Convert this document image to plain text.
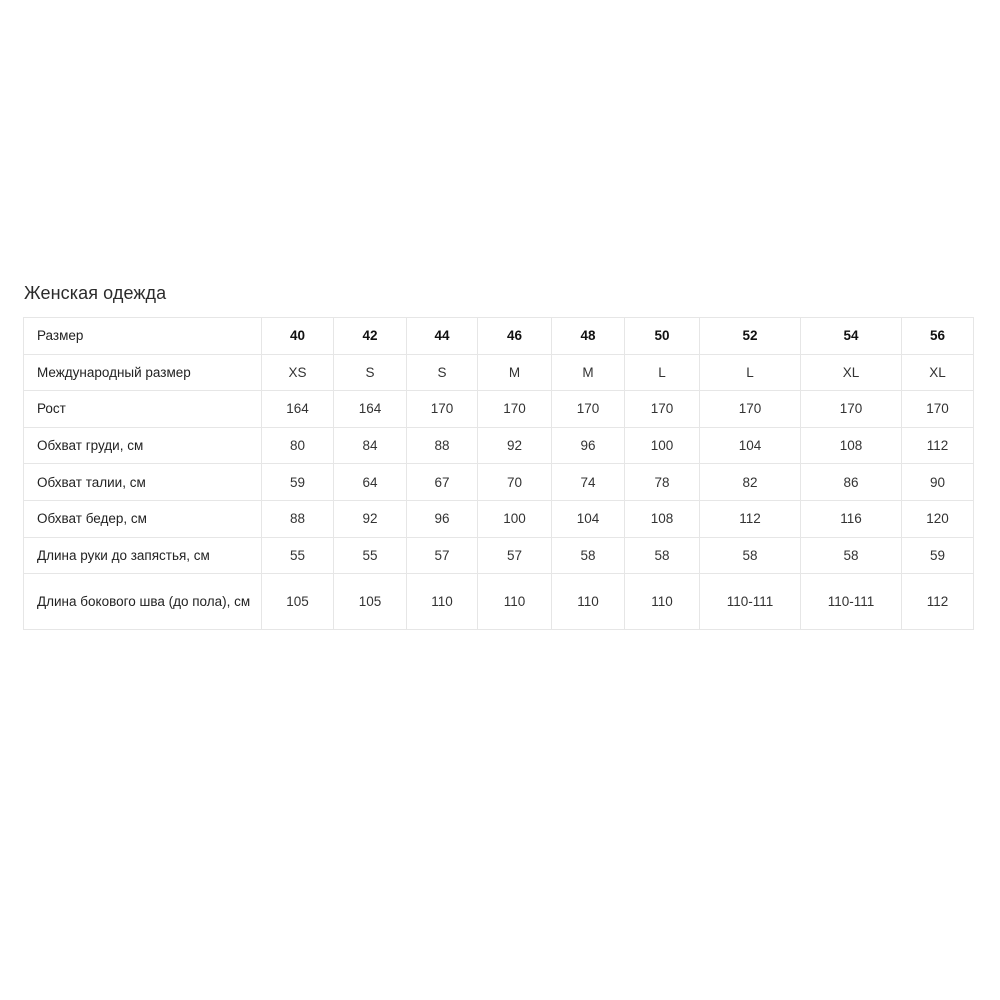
Женская одежда
Размер	40	42	44	46	48	50	52	54	56
Международный размер	XS	S	S	M	M	L	L	XL	XL
Рост	164	164	170	170	170	170	170	170	170
Обхват груди, см	80	84	88	92	96	100	104	108	112
Обхват талии, см	59	64	67	70	74	78	82	86	90
Обхват бедер, см	88	92	96	100	104	108	112	116	120
Длина руки до запястья, см	55	55	57	57	58	58	58	58	59
Длина бокового шва (до пола), см	105	105	110	110	110	110	110-111	110-111	112
